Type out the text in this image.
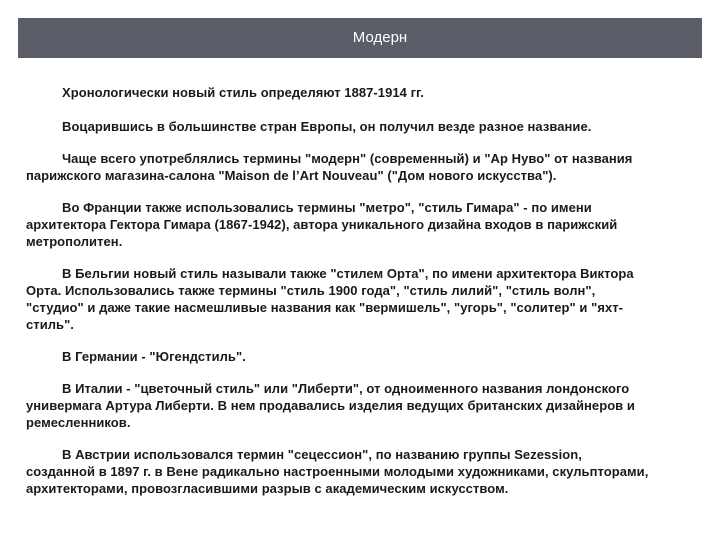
Модерн

Хронологически новый стиль определяют 1887-1914 гг.

Воцарившись в большинстве стран Европы, он получил везде разное название.

Чаще всего употреблялись термины "модерн" (современный) и "Ар Нуво" от названия
парижского магазина-салона "Maison de l’Art Nouveau" ("Дом нового искусства").

Во Франции также использовались термины "метро", "стиль Гимара" - по имени
архитектора Гектора Гимара (1867-1942), автора уникального дизайна входов в парижский
метрополитен.

В Бельгии новый стиль называли также "стилем Орта", по имени архитектора Виктора
Орта. Использовались также термины "стиль 1900 года", "стиль лилий", "стиль волн",
"студио" и даже такие насмешливые названия как "вермишель", "угорь", "солитер" и "яхт-
стиль".

В Германии - "Югендстиль".

В Италии - "цветочный стиль" или "Либерти", от одноименного названия лондонского
универмага Артура Либерти. В нем продавались изделия ведущих британских дизайнеров и
ремесленников.

В Австрии использовался термин "сецессион", по названию группы Sezession,
созданной в 1897 г. в Вене радикально настроенными молодыми художниками, скульпторами,
архитекторами, провозгласившими разрыв с академическим искусством.
